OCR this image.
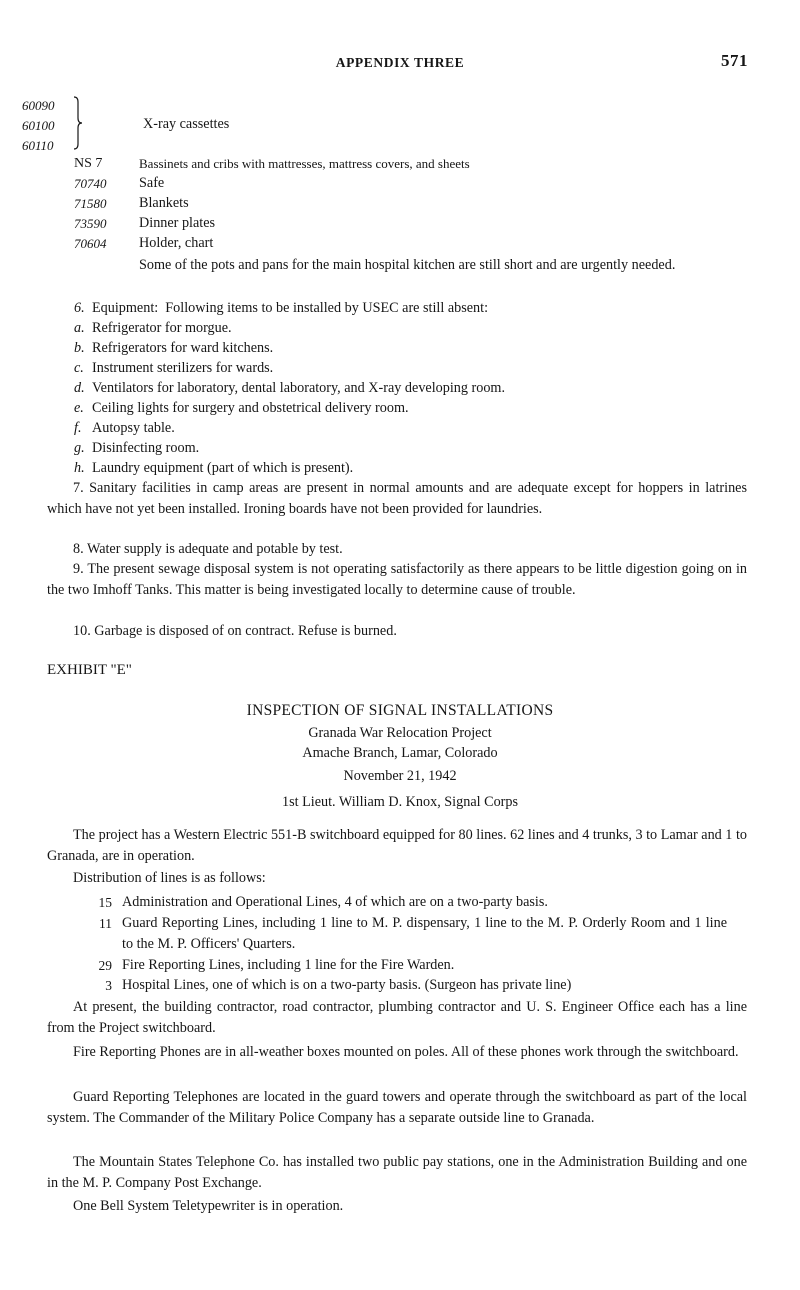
APPENDIX THREE	571
60090
60100
60110
X-ray cassettes
NS 7	Bassinets and cribs with mattresses, mattress covers, and sheets
70740	Safe
71580	Blankets
73590	Dinner plates
70604	Holder, chart
Some of the pots and pans for the main hospital kitchen are still short and are urgently needed.
6. Equipment:  Following items to be installed by USEC are still absent:
a. Refrigerator for morgue.
b. Refrigerators for ward kitchens.
c. Instrument sterilizers for wards.
d. Ventilators for laboratory, dental laboratory, and X-ray developing room.
e. Ceiling lights for surgery and obstetrical delivery room.
f. Autopsy table.
g. Disinfecting room.
h. Laundry equipment (part of which is present).
7. Sanitary facilities in camp areas are present in normal amounts and are adequate except for hoppers in latrines which have not yet been installed. Ironing boards have not been provided for laundries.
8. Water supply is adequate and potable by test.
9. The present sewage disposal system is not operating satisfactorily as there appears to be little digestion going on in the two Imhoff Tanks. This matter is being investigated locally to determine cause of trouble.
10. Garbage is disposed of on contract. Refuse is burned.
EXHIBIT "E"
INSPECTION OF SIGNAL INSTALLATIONS
Granada War Relocation Project
Amache Branch, Lamar, Colorado
November 21, 1942
1st Lieut. William D. Knox, Signal Corps
The project has a Western Electric 551-B switchboard equipped for 80 lines. 62 lines and 4 trunks, 3 to Lamar and 1 to Granada, are in operation.
Distribution of lines is as follows:
15 Administration and Operational Lines, 4 of which are on a two-party basis.
11 Guard Reporting Lines, including 1 line to M. P. dispensary, 1 line to the M. P. Orderly Room and 1 line to the M. P. Officers' Quarters.
29 Fire Reporting Lines, including 1 line for the Fire Warden.
3 Hospital Lines, one of which is on a two-party basis. (Surgeon has private line)
At present, the building contractor, road contractor, plumbing contractor and U. S. Engineer Office each has a line from the Project switchboard.
Fire Reporting Phones are in all-weather boxes mounted on poles. All of these phones work through the switchboard.
Guard Reporting Telephones are located in the guard towers and operate through the switchboard as part of the local system. The Commander of the Military Police Company has a separate outside line to Granada.
The Mountain States Telephone Co. has installed two public pay stations, one in the Administration Building and one in the M. P. Company Post Exchange.
One Bell System Teletypewriter is in operation.
